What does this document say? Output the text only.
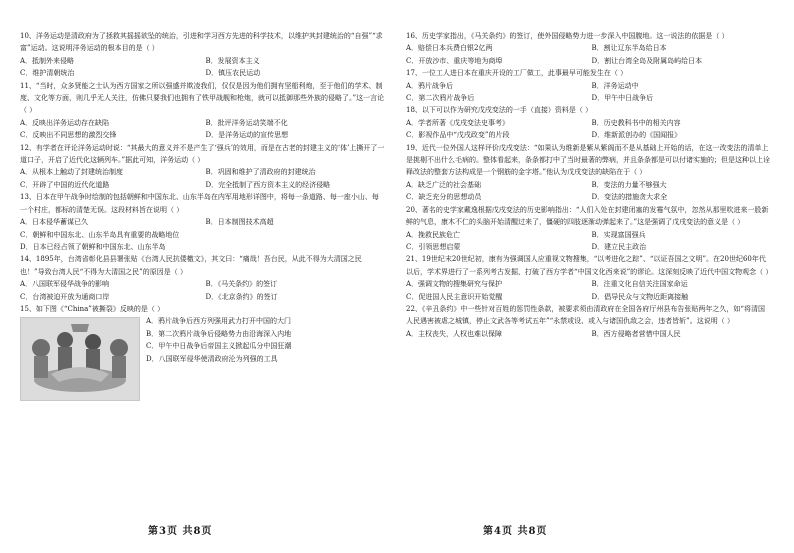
10、洋务运动是清政府为了拯救其摇摇欲坠的统治，引进和学习西方先进的科学技术，以维护其封建统治的“自强”“求富”运动。这说明洋务运动的根本目的是（ ）

A．抵制外来侵略	B．发展资本主义
C．维护清朝统治	D．镇压农民运动

11、“当时，众多贤能之士认为西方国家之所以强盛并欺凌我们，仅仅是因为他们拥有坚船利炮，至于他们的学术、制度、文化等方面，则几乎无人关注，仿佛只要我们也拥有了铁甲战舰和枪炮，就可以抵御那些外族的侵略了。”这一言论（ ）

A．反映出洋务运动存在缺陷	B．批评洋务运动笑端不化
C．反映出不同思想的激烈交锋	D．是洋务运动的宣传思想

12、有学者在评论洋务运动时说：“其最大的意义并不是产生了‘强兵’的效用，而是在古老的封建主义的‘体’上撕开了一道口子，开启了近代化这辆列车。”据此可知，洋务运动（ ）

A．从根本上触动了封建统治制度	B．巩固和维护了清政府的封建统治
C．开辟了中国的近代化道路	D．完全抵制了西方资本主义的经济侵略

13、日本在甲午战争时绘制的包括朝鲜和中国东北、山东半岛在内军用地形详图中，将每一条道路、每一座小山、每一个村庄，都标的清楚无误。这段材料旨在说明（ ）

A．日本侵华蓄谋已久	B．日本制图技术高超
C．朝鲜和中国东北、山东半岛具有重要的战略地位
D．日本已经占领了朝鲜和中国东北、山东半岛

14、1895年，台湾省彰化县县署张贴《台湾人民抗倭檄文》，其文曰：“痛哉！吾台民，从此不得为大清国之民也！”导致台湾人民“不得为大清国之民”的原因是（ ）

A．八国联军侵华战争的影响	B．《马关条约》的签订
C．台湾被迫开放为通商口岸	D．《北京条约》的签订

15、如下图《“China”被撕裂》反映的是（ ）

A．鸦片战争后西方列强用武力打开中国的大门
B．第二次鸦片战争后侵略势力由沿海深入内地
C．甲午中日战争后帝国主义掀起瓜分中国狂潮
D．八国联军侵华使清政府沦为列强的工具

16、历史学家指出，《马关条约》的签订，使外国侵略势力进一步深入中国腹地。这一说法的依据是（ ）

A．赔偿日本兵费白银2亿两	B．割让辽东半岛给日本
C．开放沙市、重庆等地为商埠	D．割让台湾全岛及附属岛屿给日本

17、一位工人进日本在重庆开设的工厂做工，此事最早可能发生在（ ）

A．鸦片战争后	B．洋务运动中
C．第二次鸦片战争后	D．甲午中日战争后

18、以下可以作为研究戊戌变法的一手（直接）资料是（ ）

A．学者所著《戊戌变法史事考》	B．历史教科书中的相关内容
C．影视作品中“戊戌政变”的片段	D．维新派创办的《国闻报》

19、近代一位外国人这样评价戊戌变法：“如果认为维新是紫从紫阁而不是从基础上开始的话，在这一改变法的清单上是挑剔不出什么毛病的。整体看起来，条条都打中了当时最著的弊病，并且条条都是可以付诸实施的；但是这种以上诠释改法的整套方法构成是一个钢筋的金字塔。”他认为戊戌变法的缺陷在于（ ）

A．缺乏广泛的社会基础	B．变法的力量不够强大
C．缺乏充分的思想动员	D．变法的措施贪大求全

20、著名的史学家戴逸根据戊戌变法的历史影响指出：“人们入处在封建闭塞的发霉气氛中，忽然从那里吹进来一股新鲜的气息，康木不仁的头脑开始清醒过来了，僵硬的四肢逐渐动弹起来了。”这是强调了戊戌变法的意义是（ ）

A．挽救民族危亡	B．实现富国强兵
C．引领思想启蒙	D．建立民主政治

21、19世纪末20世纪初，康有为强调国人应重视文物搜集，“以考进化之踪”、“以证吾国之文明”。在20世纪60年代以后，学术界进行了一系列考古发掘，打破了西方学者“中国文化西来说”的谬论。这深刻反映了近代中国文物观念（ ）

A．强调文物的搜集研究与保护	B．注重文化自信关注国家命运
C．促进国人民主意识开始觉醒	D．倡导民众与文物近距离接触

22、《辛丑条约》中一些针对百姓的惩罚性条款，被要求须由清政府在全国各府厅州县布告张贴两年之久，如“将清国人民遇害被虐之城镇，停止文武各等考试五年”“永禁或设、或入与诸国仇敌之会，违者皆斩”。这说明（ ）

A．主权丧失，人权也难以保障	B．西方侵略者营惜中国人民
第3页 共8页	第4页 共8页
